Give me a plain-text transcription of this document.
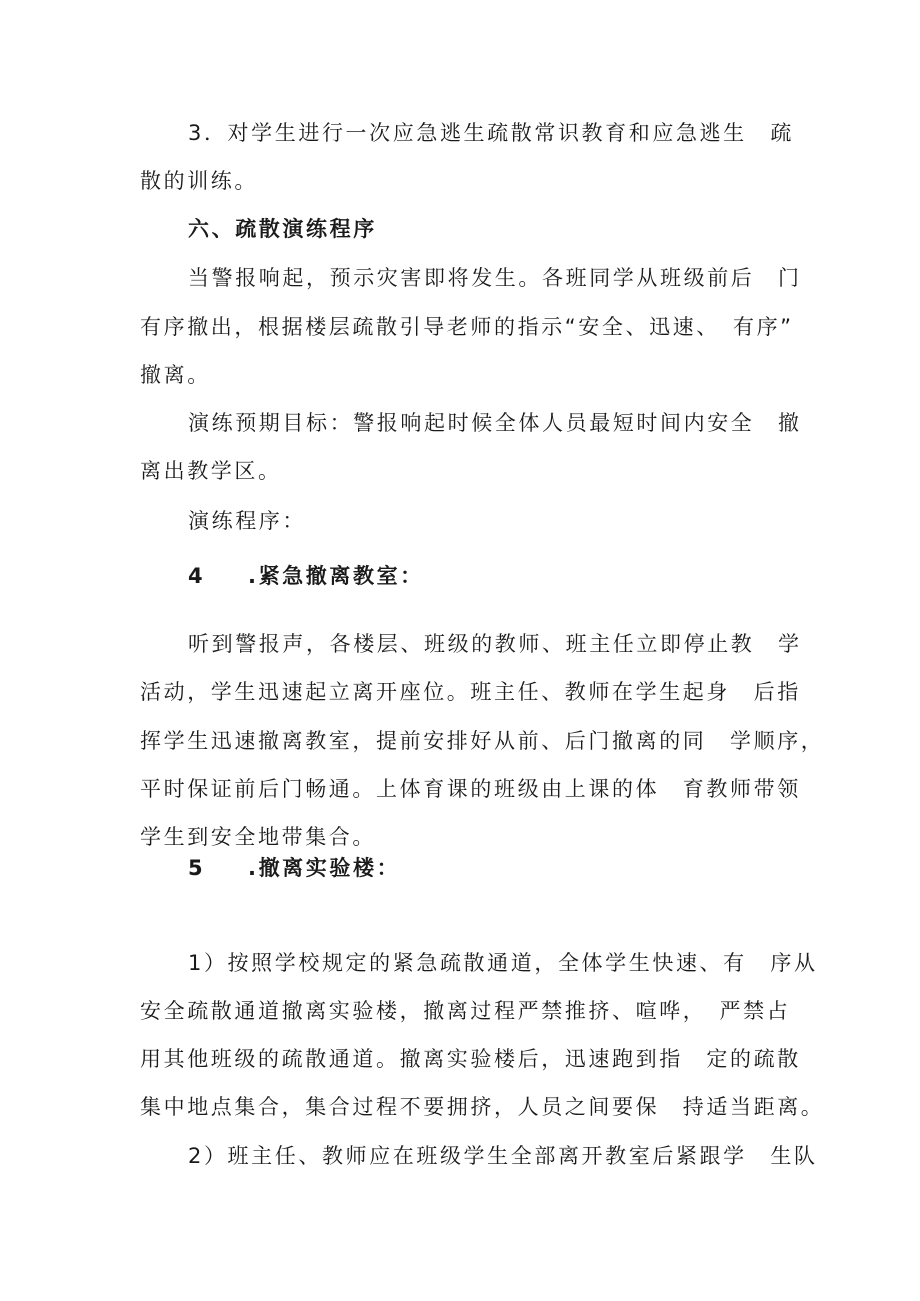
3．对学生进行一次应急逃生疏散常识教育和应急逃生　疏
散的训练。
六、疏散演练程序
当警报响起，预示灾害即将发生。各班同学从班级前后　门
有序撤出，根据楼层疏散引导老师的指示“安全、迅速、　有序”
撤离。
演练预期目标：警报响起时候全体人员最短时间内安全　撤
离出教学区。
演练程序：
4 .紧急撤离教室：
听到警报声，各楼层、班级的教师、班主任立即停止教　学
活动，学生迅速起立离开座位。班主任、教师在学生起身　后指
挥学生迅速撤离教室，提前安排好从前、后门撤离的同　学顺序，
平时保证前后门畅通。上体育课的班级由上课的体　育教师带领
学生到安全地带集合。
5 .撤离实验楼：
1）按照学校规定的紧急疏散通道，全体学生快速、有　序从
安全疏散通道撤离实验楼，撤离过程严禁推挤、喧哗，　严禁占
用其他班级的疏散通道。撤离实验楼后，迅速跑到指　定的疏散
集中地点集合，集合过程不要拥挤，人员之间要保　持适当距离。
2）班主任、教师应在班级学生全部离开教室后紧跟学　生队
